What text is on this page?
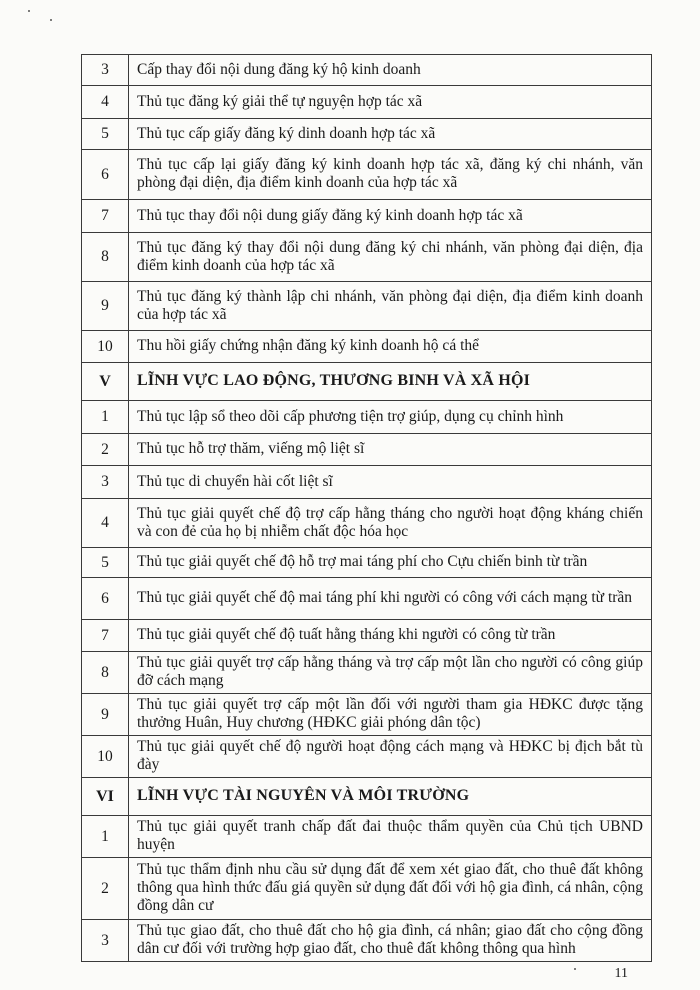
3	Cấp thay đổi nội dung đăng ký hộ kinh doanh
4	Thủ tục đăng ký giải thể tự nguyện hợp tác xã
5	Thủ tục cấp giấy đăng ký dinh doanh hợp tác xã
6	Thủ tục cấp lại giấy đăng ký kinh doanh hợp tác xã, đăng ký chi nhánh, văn phòng đại diện, địa điểm kinh doanh của hợp tác xã
7	Thủ tục thay đổi nội dung giấy đăng ký kinh doanh hợp tác xã
8	Thủ tục đăng ký thay đổi nội dung đăng ký chi nhánh, văn phòng đại diện, địa điểm kinh doanh của hợp tác xã
9	Thủ tục đăng ký thành lập chi nhánh, văn phòng đại diện, địa điểm kinh doanh của hợp tác xã
10	Thu hồi giấy chứng nhận đăng ký kinh doanh hộ cá thể
V	LĨNH VỰC LAO ĐỘNG, THƯƠNG BINH VÀ XÃ HỘI
1	Thủ tục lập sổ theo dõi cấp phương tiện trợ giúp, dụng cụ chỉnh hình
2	Thủ tục hỗ trợ thăm, viếng mộ liệt sĩ
3	Thủ tục di chuyển hài cốt liệt sĩ
4	Thủ tục giải quyết chế độ trợ cấp hằng tháng cho người hoạt động kháng chiến và con đẻ của họ bị nhiễm chất độc hóa học
5	Thủ tục giải quyết chế độ hỗ trợ mai táng phí cho Cựu chiến binh từ trần
6	Thủ tục giải quyết chế độ mai táng phí khi người có công với cách mạng từ trần
7	Thủ tục giải quyết chế độ tuất hằng tháng khi người có công từ trần
8	Thủ tục giải quyết trợ cấp hằng tháng và trợ cấp một lần cho người có công giúp đỡ cách mạng
9	Thủ tục giải quyết trợ cấp một lần đối với người tham gia HĐKC được tặng thưởng Huân, Huy chương (HĐKC giải phóng dân tộc)
10	Thủ tục giải quyết chế độ người hoạt động cách mạng và HĐKC bị địch bắt tù đày
VI	LĨNH VỰC TÀI NGUYÊN VÀ MÔI TRƯỜNG
1	Thủ tục giải quyết tranh chấp đất đai thuộc thẩm quyền của Chủ tịch UBND huyện
2	Thủ tục thẩm định nhu cầu sử dụng đất để xem xét giao đất, cho thuê đất không thông qua hình thức đấu giá quyền sử dụng đất đối với hộ gia đình, cá nhân, cộng đồng dân cư
3	Thủ tục giao đất, cho thuê đất cho hộ gia đình, cá nhân; giao đất cho cộng đồng dân cư đối với trường hợp giao đất, cho thuê đất không thông qua hình
11
